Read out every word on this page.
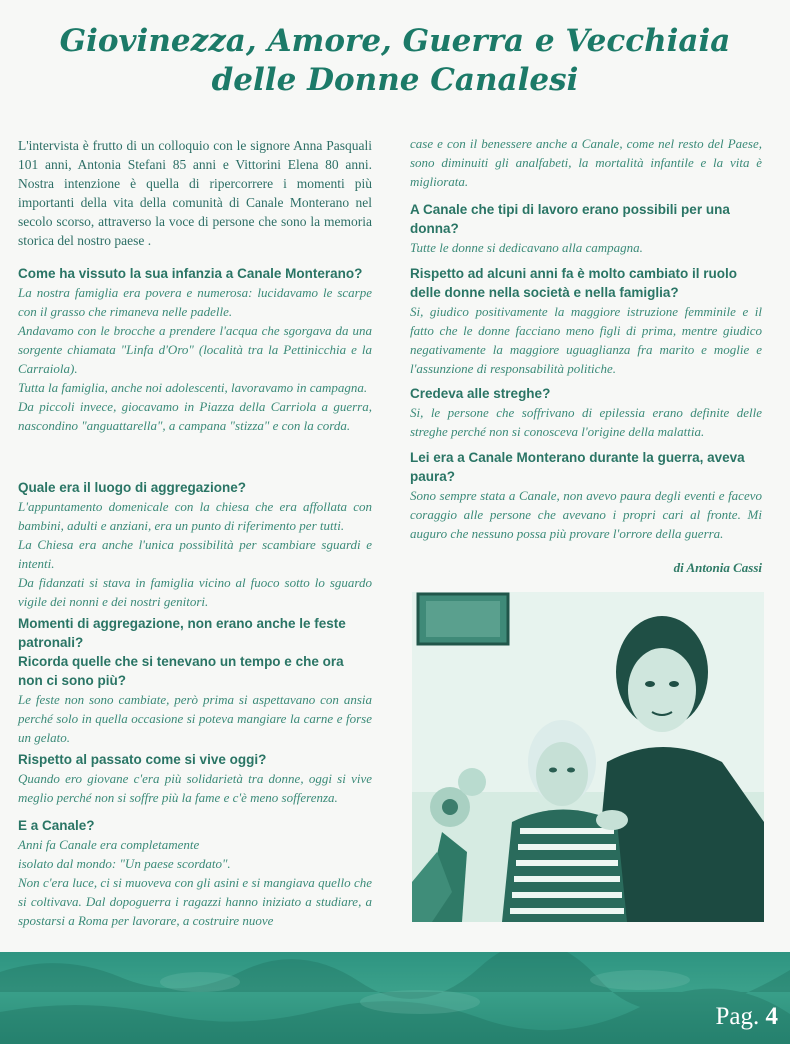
Giovinezza, Amore, Guerra e Vecchiaia
delle Donne Canalesi
L'intervista è frutto di un colloquio con le signore Anna Pasquali 101 anni, Antonia Stefani 85 anni e Vittorini Elena 80 anni. Nostra intenzione è quella di ripercorrere i momenti più importanti della vita della comunità di Canale Monterano nel secolo scorso, attraverso la voce di persone che sono la memoria storica del nostro paese .

Come ha vissuto la sua infanzia a Canale Monterano?

La nostra famiglia era povera e numerosa: lucidavamo le scarpe con il grasso che rimaneva nelle padelle.

Andavamo con le brocche a prendere l'acqua che sgorgava da una sorgente chiamata "Linfa d'Oro" (località tra la Pettinicchia e la Carraiola).

Tutta la famiglia, anche noi adolescenti, lavoravamo in campagna.

Da piccoli invece, giocavamo in Piazza della Carriola a guerra, nascondino "anguattarella", a campana "stizza" e con la corda.

Quale era il luogo di aggregazione?

L'appuntamento domenicale con la chiesa che era affollata con bambini, adulti e anziani, era un punto di riferimento per tutti.

La Chiesa era anche l'unica possibilità per scambiare sguardi e intenti.

Da fidanzati si stava in famiglia vicino al fuoco sotto lo sguardo vigile dei nonni e dei nostri genitori.

Momenti di aggregazione, non erano anche le feste patronali?

Ricorda quelle che si tenevano un tempo e che ora non ci sono più?

Le feste non sono cambiate, però prima si aspettavano con ansia perché solo in quella occasione si poteva mangiare la carne e forse un gelato.

Rispetto al passato come si vive oggi?

Quando ero giovane c'era più solidarietà tra donne, oggi si vive meglio perché non si soffre più la fame e c'è meno sofferenza.

E a Canale?

Anni fa Canale era completamente

isolato dal mondo: "Un paese scordato".

Non c'era luce, ci si muoveva con gli asini e si mangiava quello che si coltivava. Dal dopoguerra i ragazzi hanno iniziato a studiare, a spostarsi a Roma per lavorare, a costruire nuove

case e con il benessere anche a Canale, come nel resto del Paese, sono diminuiti gli analfabeti, la mortalità infantile e la vita è migliorata.

A Canale che tipi di lavoro erano possibili per una donna?

Tutte le donne si dedicavano alla campagna.

Rispetto ad alcuni anni fa è molto cambiato il ruolo delle donne nella società e nella famiglia?

Si, giudico positivamente la maggiore istruzione femminile e il fatto che le donne facciano meno figli di prima, mentre giudico negativamente la maggiore uguaglianza fra marito e moglie e l'assunzione di responsabilità politiche.

Credeva alle streghe?

Si, le persone che soffrivano di epilessia erano definite delle streghe perché non si conosceva l'origine della malattia.

Lei era a Canale Monterano durante la guerra, aveva paura?

Sono sempre stata a Canale, non avevo paura degli eventi e facevo coraggio alle persone che avevano i propri cari al fronte. Mi auguro che nessuno possa più provare l'orrore della guerra.

di Antonia Cassi
Pag. 4
